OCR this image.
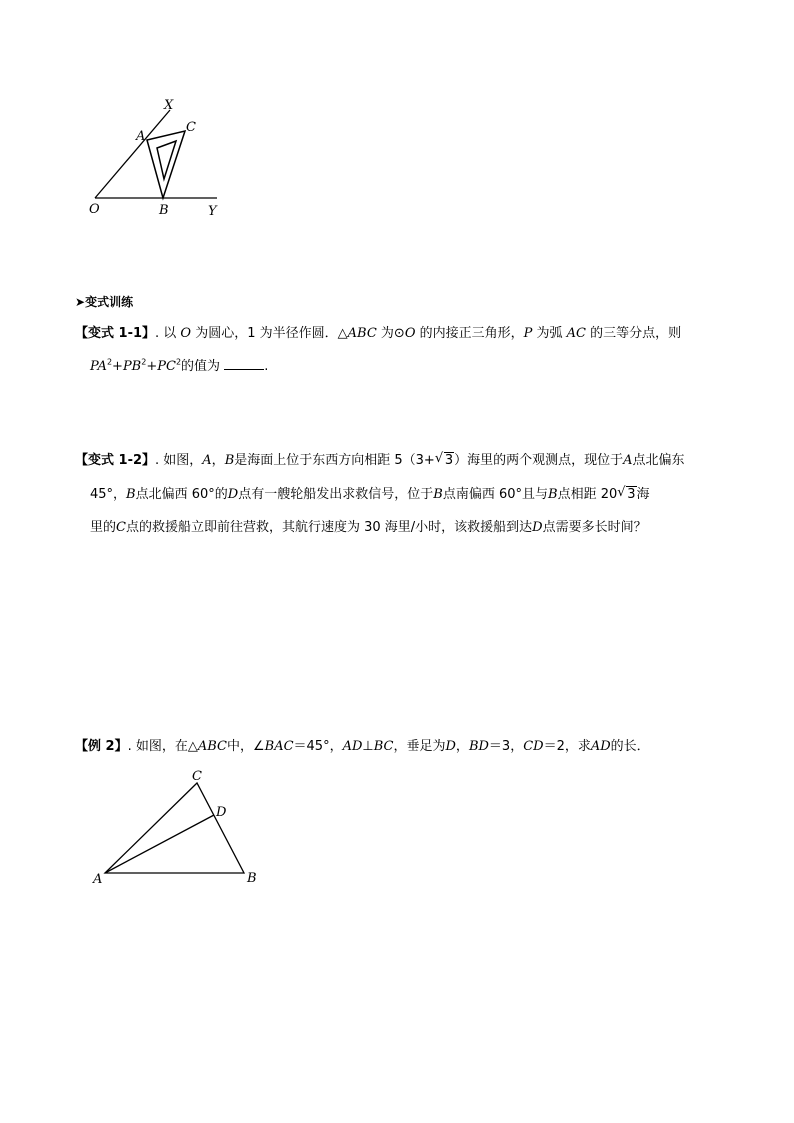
X
A
C
O	B	Y
➤变式训练
【变式 1-1】. 以 O 为圆心，1 为半径作圆．△ABC 为⊙O 的内接正三角形，P 为弧 AC 的三等分点，则
$PA^2+PB^2+PC^2$的值为	.
【变式 1-2】. 如图，A，B是海面上位于东西方向相距 5（3+ √ 3）海里的两个观测点，现位于A点北偏东
45°，B点北偏西 60°的D点有一艘轮船发出求救信号，位于B点南偏西 60°且与B点相距 20 √ 3海
里的C点的救援船立即前往营救，其航行速度为 30 海里/小时，该救援船到达D点需要多长时间？
【例 2】. 如图，在△ABC中，∠BAC＝45°，AD⊥BC，垂足为D，BD＝3，CD＝2，求AD的长．
C
D
A	B
